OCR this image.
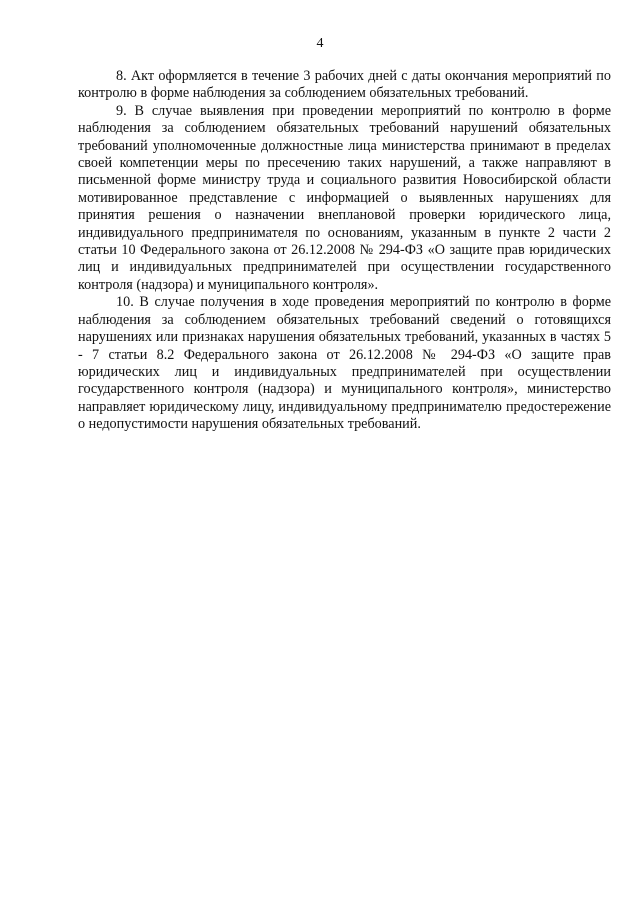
4

8. Акт оформляется в течение 3 рабочих дней с даты окончания мероприятий по контролю в форме наблюдения за соблюдением обязательных требований.

9. В случае выявления при проведении мероприятий по контролю в форме наблюдения за соблюдением обязательных требований нарушений обязательных требований уполномоченные должностные лица министерства принимают в пределах своей компетенции меры по пресечению таких нарушений, а также направляют в письменной форме министру труда и социального развития Новосибирской области мотивированное представление с информацией о выявленных нарушениях для принятия решения о назначении внеплановой проверки юридического лица, индивидуального предпринимателя по основаниям, указанным в пункте 2 части 2 статьи 10 Федерального закона от 26.12.2008 № 294-ФЗ «О защите прав юридических лиц и индивидуальных предпринимателей при осуществлении государственного контроля (надзора) и муниципального контроля».

10. В случае получения в ходе проведения мероприятий по контролю в форме наблюдения за соблюдением обязательных требований сведений о готовящихся нарушениях или признаках нарушения обязательных требований, указанных в частях 5 - 7 статьи 8.2 Федерального закона от 26.12.2008 № 294-ФЗ «О защите прав юридических лиц и индивидуальных предпринимателей при осуществлении государственного контроля (надзора) и муниципального контроля», министерство направляет юридическому лицу, индивидуальному предпринимателю предостережение о недопустимости нарушения обязательных требований.
